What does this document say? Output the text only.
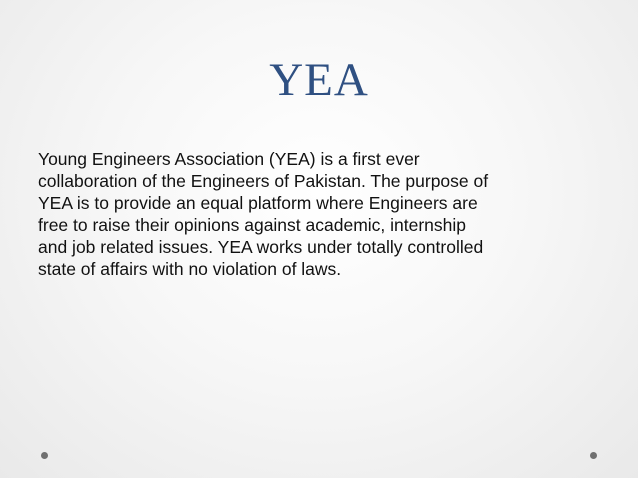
YEA
Young Engineers Association (YEA) is a first ever
collaboration of the Engineers of Pakistan. The purpose of
YEA is to provide an equal platform where Engineers are
free to raise their opinions against academic, internship
and job related issues. YEA works under totally controlled
state of affairs with no violation of laws.
